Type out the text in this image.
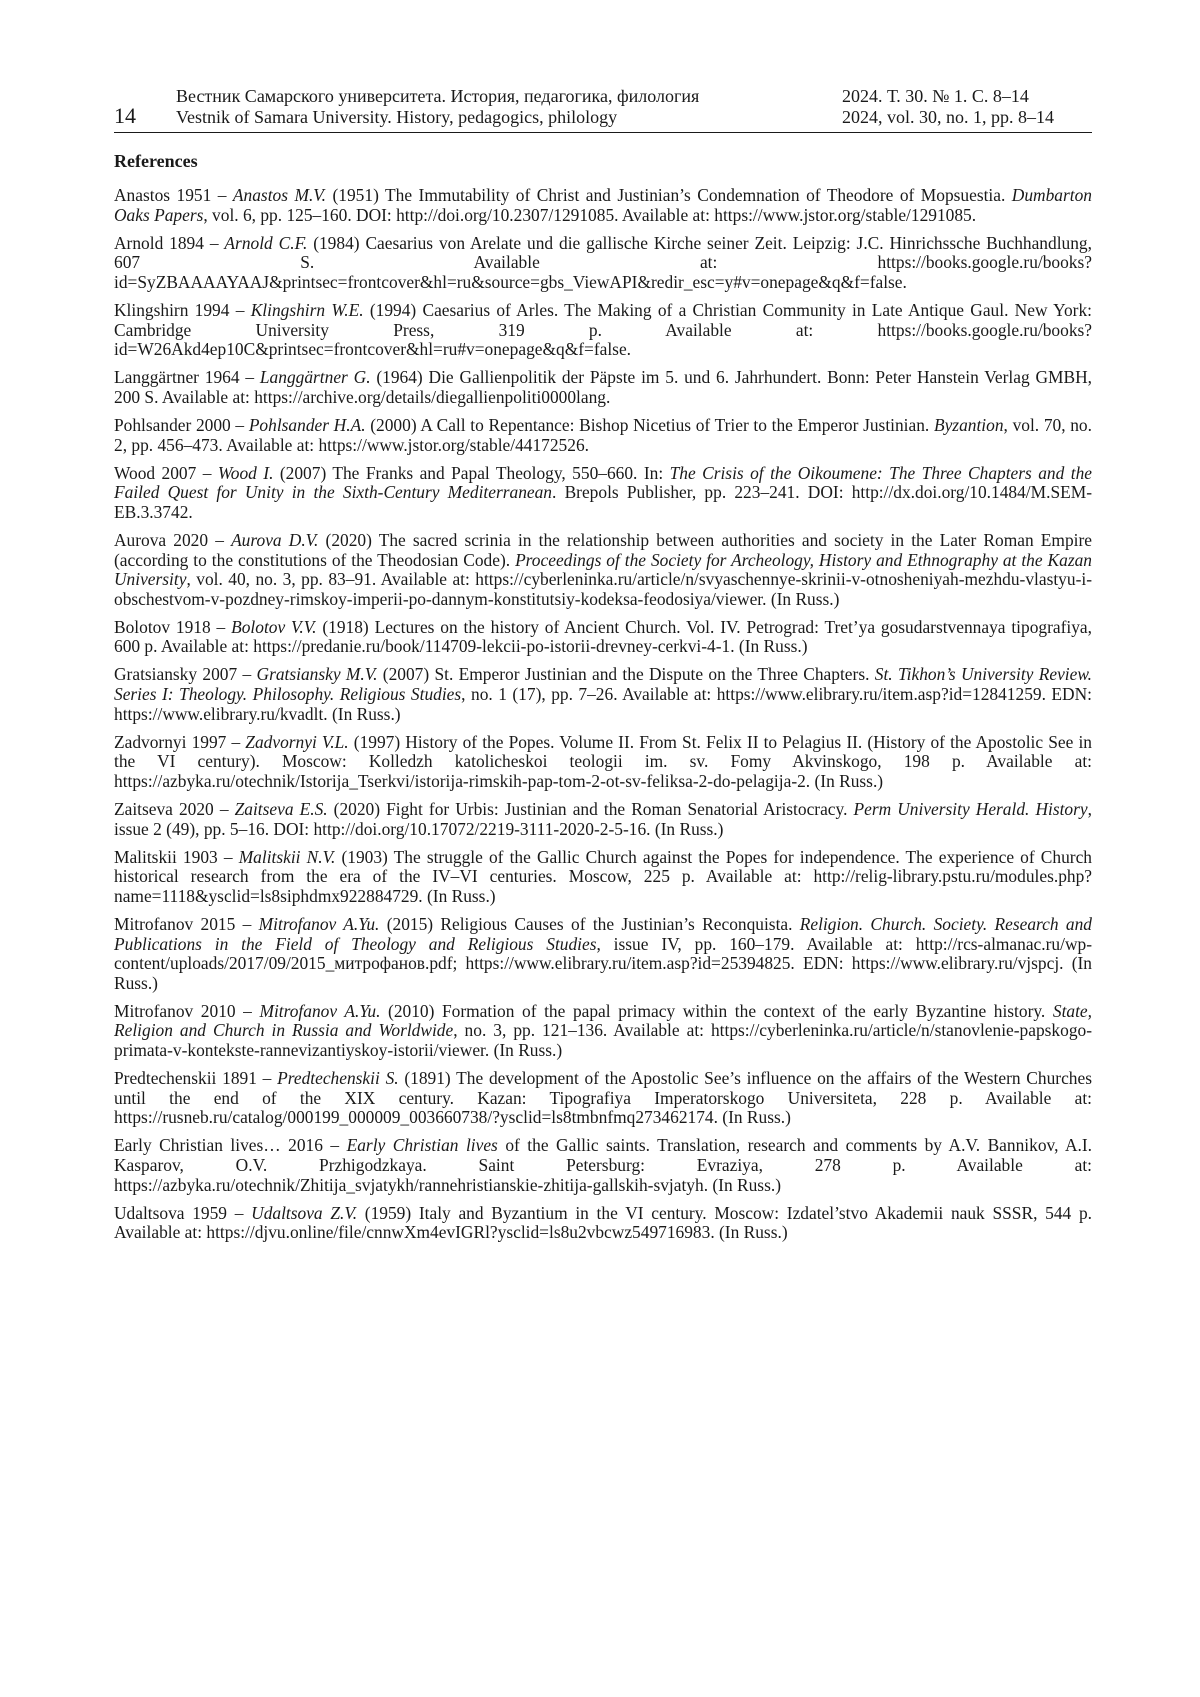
14
Вестник Самарского университета. История, педагогика, филология
Vestnik of Samara University. History, pedagogics, philology
2024. Т. 30. № 1. С. 8–14
2024, vol. 30, no. 1, pp. 8–14
References

Anastos 1951 – Anastos M.V. (1951) The Immutability of Christ and Justinian’s Condemnation of Theodore of Mopsuestia. Dumbarton Oaks Papers, vol. 6, pp. 125–160. DOI: http://doi.org/10.2307/1291085. Available at: https://www.jstor.org/stable/1291085.

Arnold 1894 – Arnold C.F. (1984) Caesarius von Arelate und die gallische Kirche seiner Zeit. Leipzig: J.C. Hinrichssche Buchhandlung, 607 S. Available at: https://books.google.ru/books?id=SyZBAAAAYAAJ&printsec=frontcover&hl=ru&source=gbs_ViewAPI&redir_esc=y#v=onepage&q&f=false.

Klingshirn 1994 – Klingshirn W.E. (1994) Caesarius of Arles. The Making of a Christian Community in Late Antique Gaul. New York: Cambridge University Press, 319 p. Available at: https://books.google.ru/books?id=W26Akd4ep10C&printsec=frontcover&hl=ru#v=onepage&q&f=false.

Langgärtner 1964 – Langgärtner G. (1964) Die Gallienpolitik der Päpste im 5. und 6. Jahrhundert. Bonn: Peter Hanstein Verlag GMBH, 200 S. Available at: https://archive.org/details/diegallienpoliti0000lang.

Pohlsander 2000 – Pohlsander H.A. (2000) A Call to Repentance: Bishop Nicetius of Trier to the Emperor Justinian. Byzantion, vol. 70, no. 2, pp. 456–473. Available at: https://www.jstor.org/stable/44172526.

Wood 2007 – Wood I. (2007) The Franks and Papal Theology, 550–660. In: The Crisis of the Oikoumene: The Three Chapters and the Failed Quest for Unity in the Sixth-Century Mediterranean. Brepols Publisher, pp. 223–241. DOI: http://dx.doi.org/10.1484/M.SEM-EB.3.3742.

Aurova 2020 – Aurova D.V. (2020) The sacred scrinia in the relationship between authorities and society in the Later Roman Empire (according to the constitutions of the Theodosian Code). Proceedings of the Society for Archeology, History and Ethnography at the Kazan University, vol. 40, no. 3, pp. 83–91. Available at: https://cyberleninka.ru/article/n/svyaschennye-skrinii-v-otnosheniyah-mezhdu-vlastyu-i-obschestvom-v-pozdney-rimskoy-imperii-po-dannym-konstitutsiy-kodeksa-feodosiya/viewer. (In Russ.)

Bolotov 1918 – Bolotov V.V. (1918) Lectures on the history of Ancient Church. Vol. IV. Petrograd: Tret’ya gosudarstvennaya tipografiya, 600 p. Available at: https://predanie.ru/book/114709-lekcii-po-istorii-drevney-cerkvi-4-1. (In Russ.)

Gratsiansky 2007 – Gratsiansky M.V. (2007) St. Emperor Justinian and the Dispute on the Three Chapters. St. Tikhon’s University Review. Series I: Theology. Philosophy. Religious Studies, no. 1 (17), pp. 7–26. Available at: https://www.elibrary.ru/item.asp?id=12841259. EDN: https://www.elibrary.ru/kvadlt. (In Russ.)

Zadvornyi 1997 – Zadvornyi V.L. (1997) History of the Popes. Volume II. From St. Felix II to Pelagius II. (History of the Apostolic See in the VI century). Moscow: Kolledzh katolicheskoi teologii im. sv. Fomy Akvinskogo, 198 p. Available at: https://azbyka.ru/otechnik/Istorija_Tserkvi/istorija-rimskih-pap-tom-2-ot-sv-feliksa-2-do-pelagija-2. (In Russ.)

Zaitseva 2020 – Zaitseva E.S. (2020) Fight for Urbis: Justinian and the Roman Senatorial Aristocracy. Perm University Herald. History, issue 2 (49), pp. 5–16. DOI: http://doi.org/10.17072/2219-3111-2020-2-5-16. (In Russ.)

Malitskii 1903 – Malitskii N.V. (1903) The struggle of the Gallic Church against the Popes for independence. The experience of Church historical research from the era of the IV–VI centuries. Moscow, 225 p. Available at: http://relig-library.pstu.ru/modules.php?name=1118&ysclid=ls8siphdmx922884729. (In Russ.)

Mitrofanov 2015 – Mitrofanov A.Yu. (2015) Religious Causes of the Justinian’s Reconquista. Religion. Church. Society. Research and Publications in the Field of Theology and Religious Studies, issue IV, pp. 160–179. Available at: http://rcs-almanac.ru/wp-content/uploads/2017/09/2015_митрофанов.pdf; https://www.elibrary.ru/item.asp?id=25394825. EDN: https://www.elibrary.ru/vjspcj. (In Russ.)

Mitrofanov 2010 – Mitrofanov A.Yu. (2010) Formation of the papal primacy within the context of the early Byzantine history. State, Religion and Church in Russia and Worldwide, no. 3, pp. 121–136. Available at: https://cyberleninka.ru/article/n/stanovlenie-papskogo-primata-v-kontekste-rannevizantiyskoy-istorii/viewer. (In Russ.)

Predtechenskii 1891 – Predtechenskii S. (1891) The development of the Apostolic See’s influence on the affairs of the Western Churches until the end of the XIX century. Kazan: Tipografiya Imperatorskogo Universiteta, 228 p. Available at: https://rusneb.ru/catalog/000199_000009_003660738/?ysclid=ls8tmbnfmq273462174. (In Russ.)

Early Christian lives… 2016 – Early Christian lives of the Gallic saints. Translation, research and comments by A.V. Bannikov, A.I. Kasparov, O.V. Przhigodzkaya. Saint Petersburg: Evraziya, 278 p. Available at: https://azbyka.ru/otechnik/Zhitija_svjatykh/rannehristianskie-zhitija-gallskih-svjatyh. (In Russ.)

Udaltsova 1959 – Udaltsova Z.V. (1959) Italy and Byzantium in the VI century. Moscow: Izdatel’stvo Akademii nauk SSSR, 544 p. Available at: https://djvu.online/file/cnnwXm4evIGRl?ysclid=ls8u2vbcwz549716983. (In Russ.)
